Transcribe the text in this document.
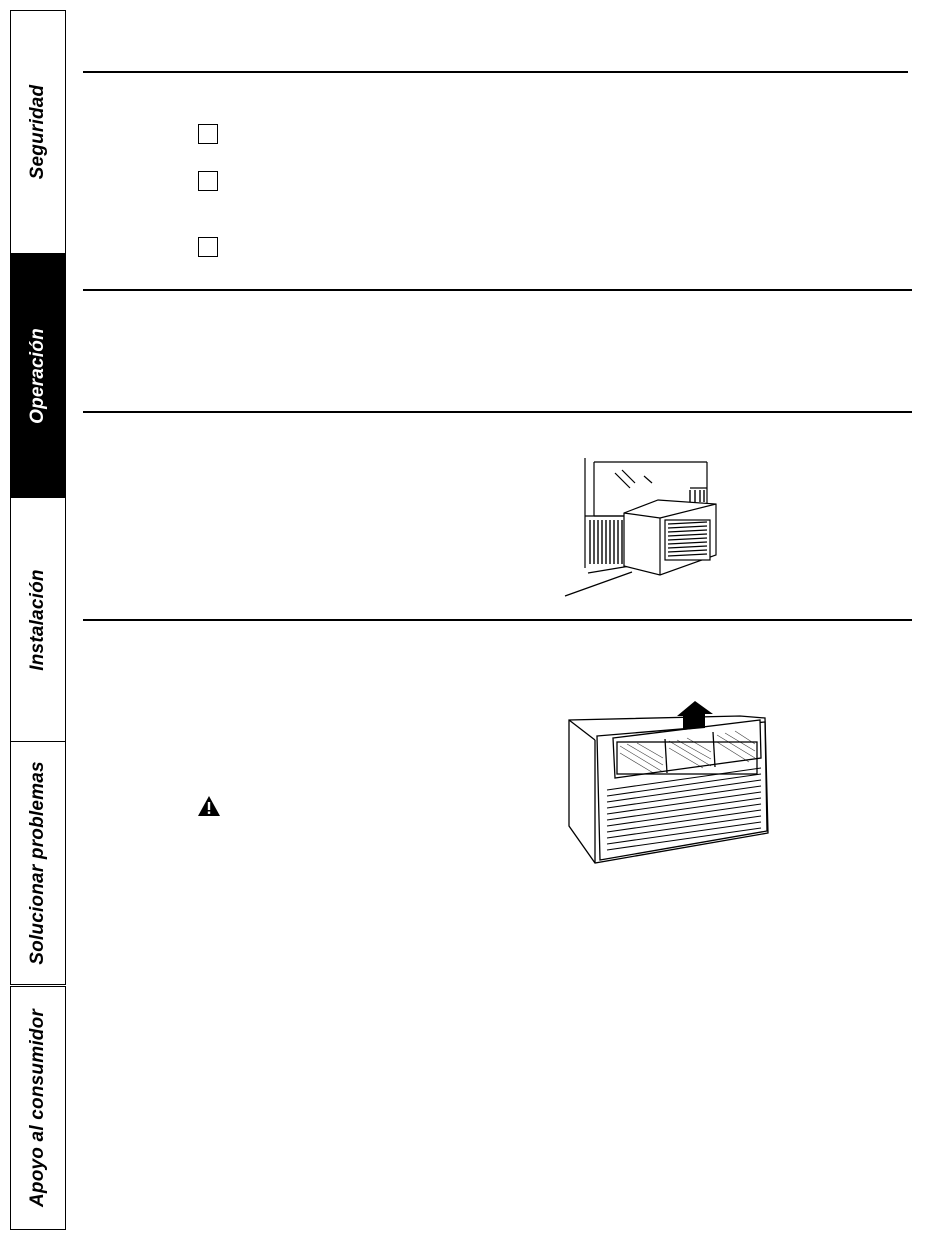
Seguridad
Operación
Instalación
Solucionar problemas
Apoyo al consumidor
